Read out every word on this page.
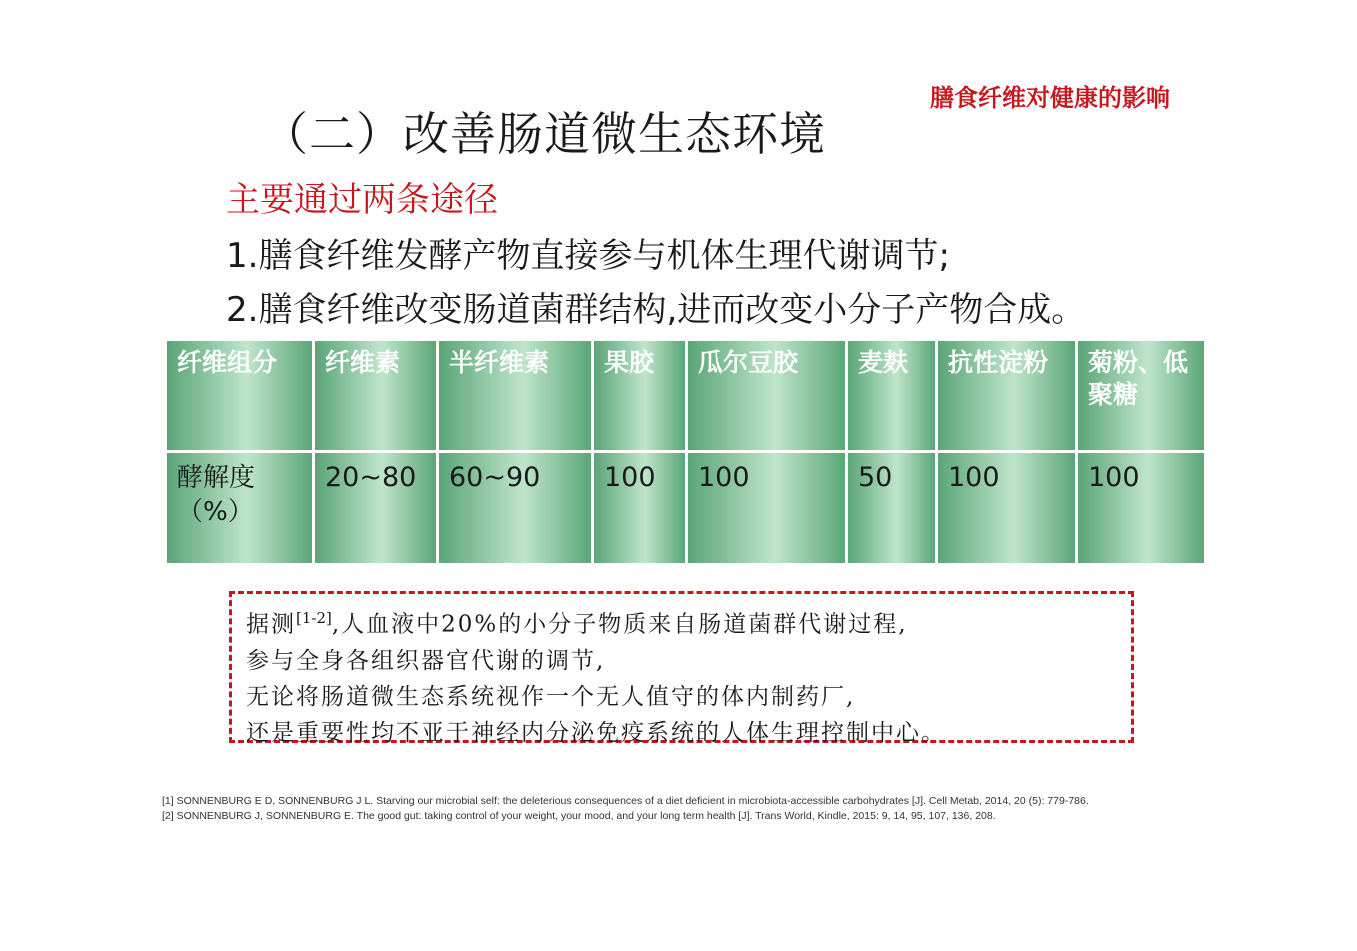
膳食纤维对健康的影响
（二）改善肠道微生态环境
主要通过两条途径
1.膳食纤维发酵产物直接参与机体生理代谢调节;
2.膳食纤维改变肠道菌群结构,进而改变小分子产物合成。
纤维组分	纤维素	半纤维素	果胶	瓜尔豆胶	麦麸	抗性淀粉	菊粉、低聚糖

酵解度（%）	20~80	60~90	100	100	50	100	100
据测[1-2],人血液中20%的小分子物质来自肠道菌群代谢过程,
参与全身各组织器官代谢的调节,
无论将肠道微生态系统视作一个无人值守的体内制药厂,
还是重要性均不亚于神经内分泌免疫系统的人体生理控制中心。
[1] SONNENBURG E D, SONNENBURG J L. Starving our microbial self: the deleterious consequences of a diet deficient in microbiota-accessible carbohydrates [J]. Cell Metab, 2014, 20 (5): 779-786.
[2] SONNENBURG J, SONNENBURG E. The good gut: taking control of your weight, your mood, and your long term health [J]. Trans World, Kindle, 2015: 9, 14, 95, 107, 136, 208.
